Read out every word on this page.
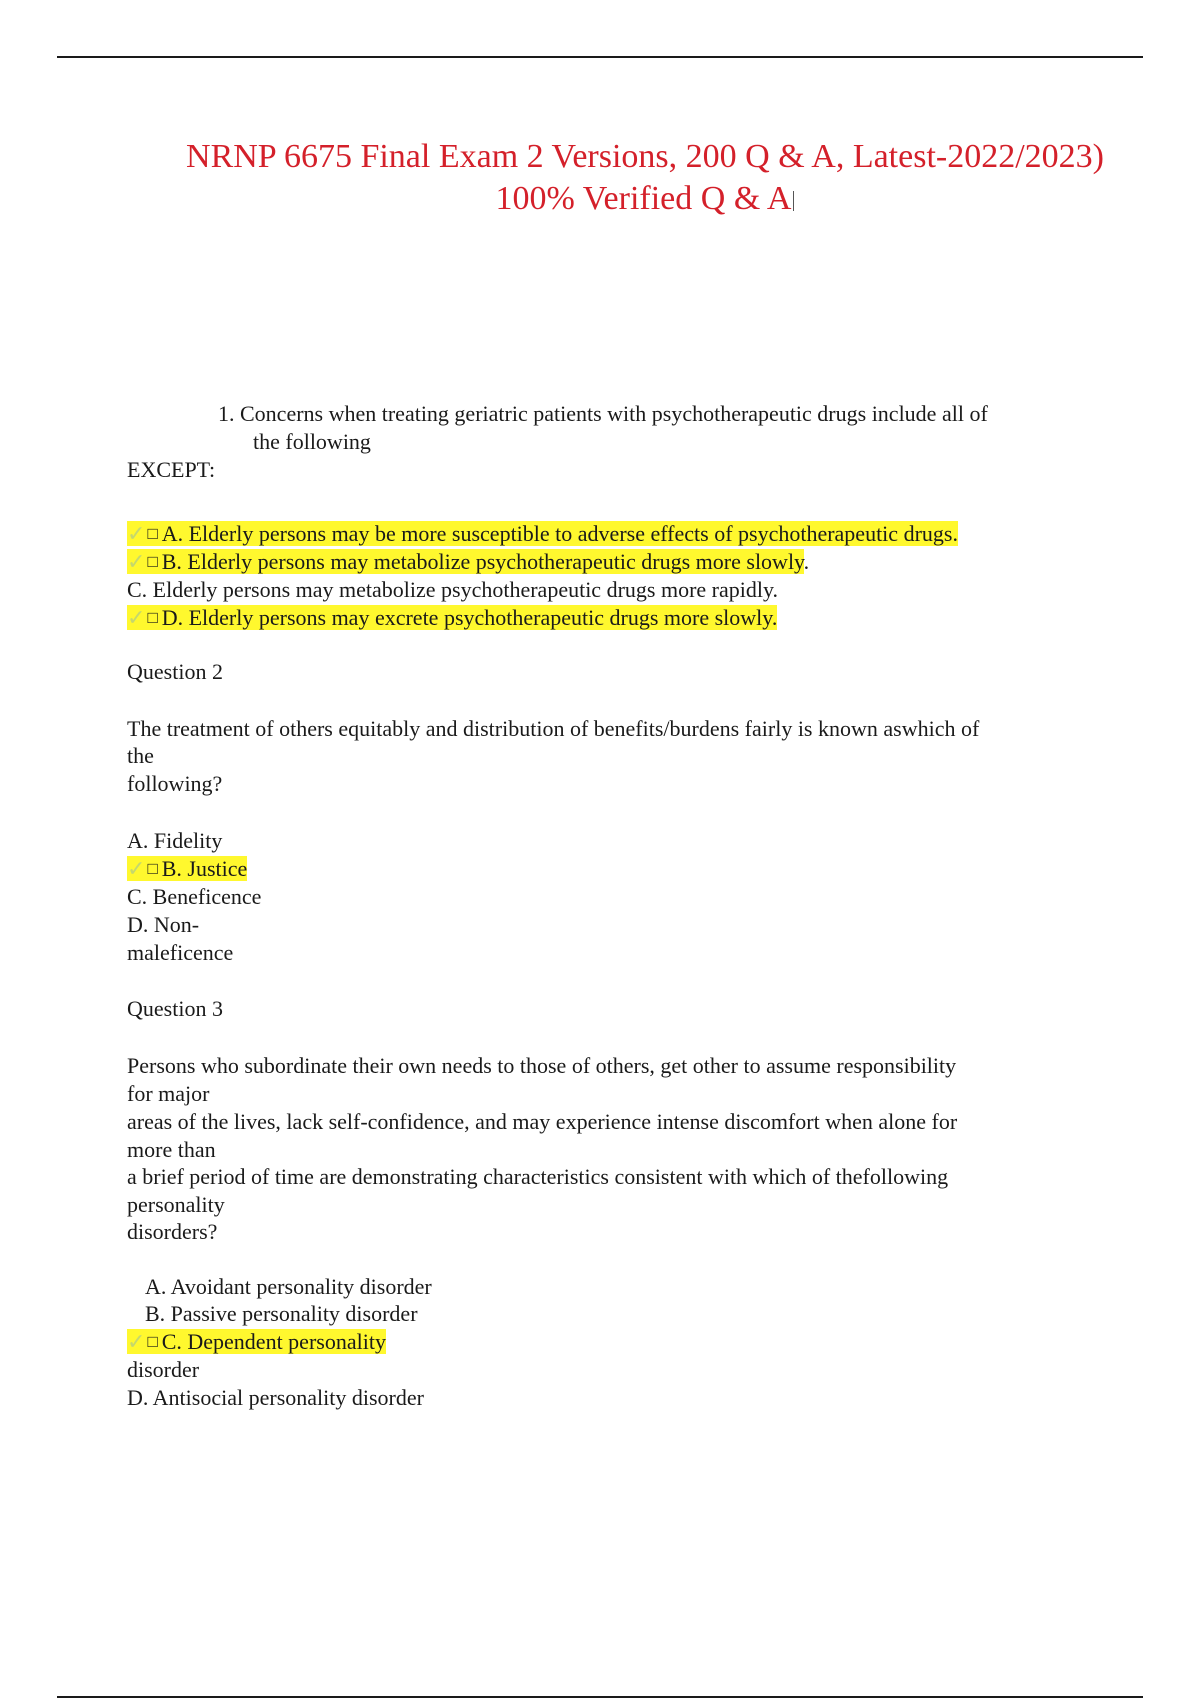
NRNP 6675 Final Exam 2 Versions, 200 Q & A, Latest-2022/2023)
100% Verified Q & A
1. Concerns when treating geriatric patients with psychotherapeutic drugs include all of
the following
EXCEPT:
✓ □ A. Elderly persons may be more susceptible to adverse effects of psychotherapeutic drugs.
✓ □ B. Elderly persons may metabolize psychotherapeutic drugs more slowly.
C. Elderly persons may metabolize psychotherapeutic drugs more rapidly.
✓ □ D. Elderly persons may excrete psychotherapeutic drugs more slowly.
Question 2
The treatment of others equitably and distribution of benefits/burdens fairly is known aswhich of
the
following?
A. Fidelity
✓ □ B. Justice
C. Beneficence
D. Non-
maleficence
Question 3
Persons who subordinate their own needs to those of others, get other to assume responsibility
for major
areas of the lives, lack self-confidence, and may experience intense discomfort when alone for
more than
a brief period of time are demonstrating characteristics consistent with which of thefollowing
personality
disorders?
A. Avoidant personality disorder
B. Passive personality disorder
✓ □ C. Dependent personality
disorder
D. Antisocial personality disorder
